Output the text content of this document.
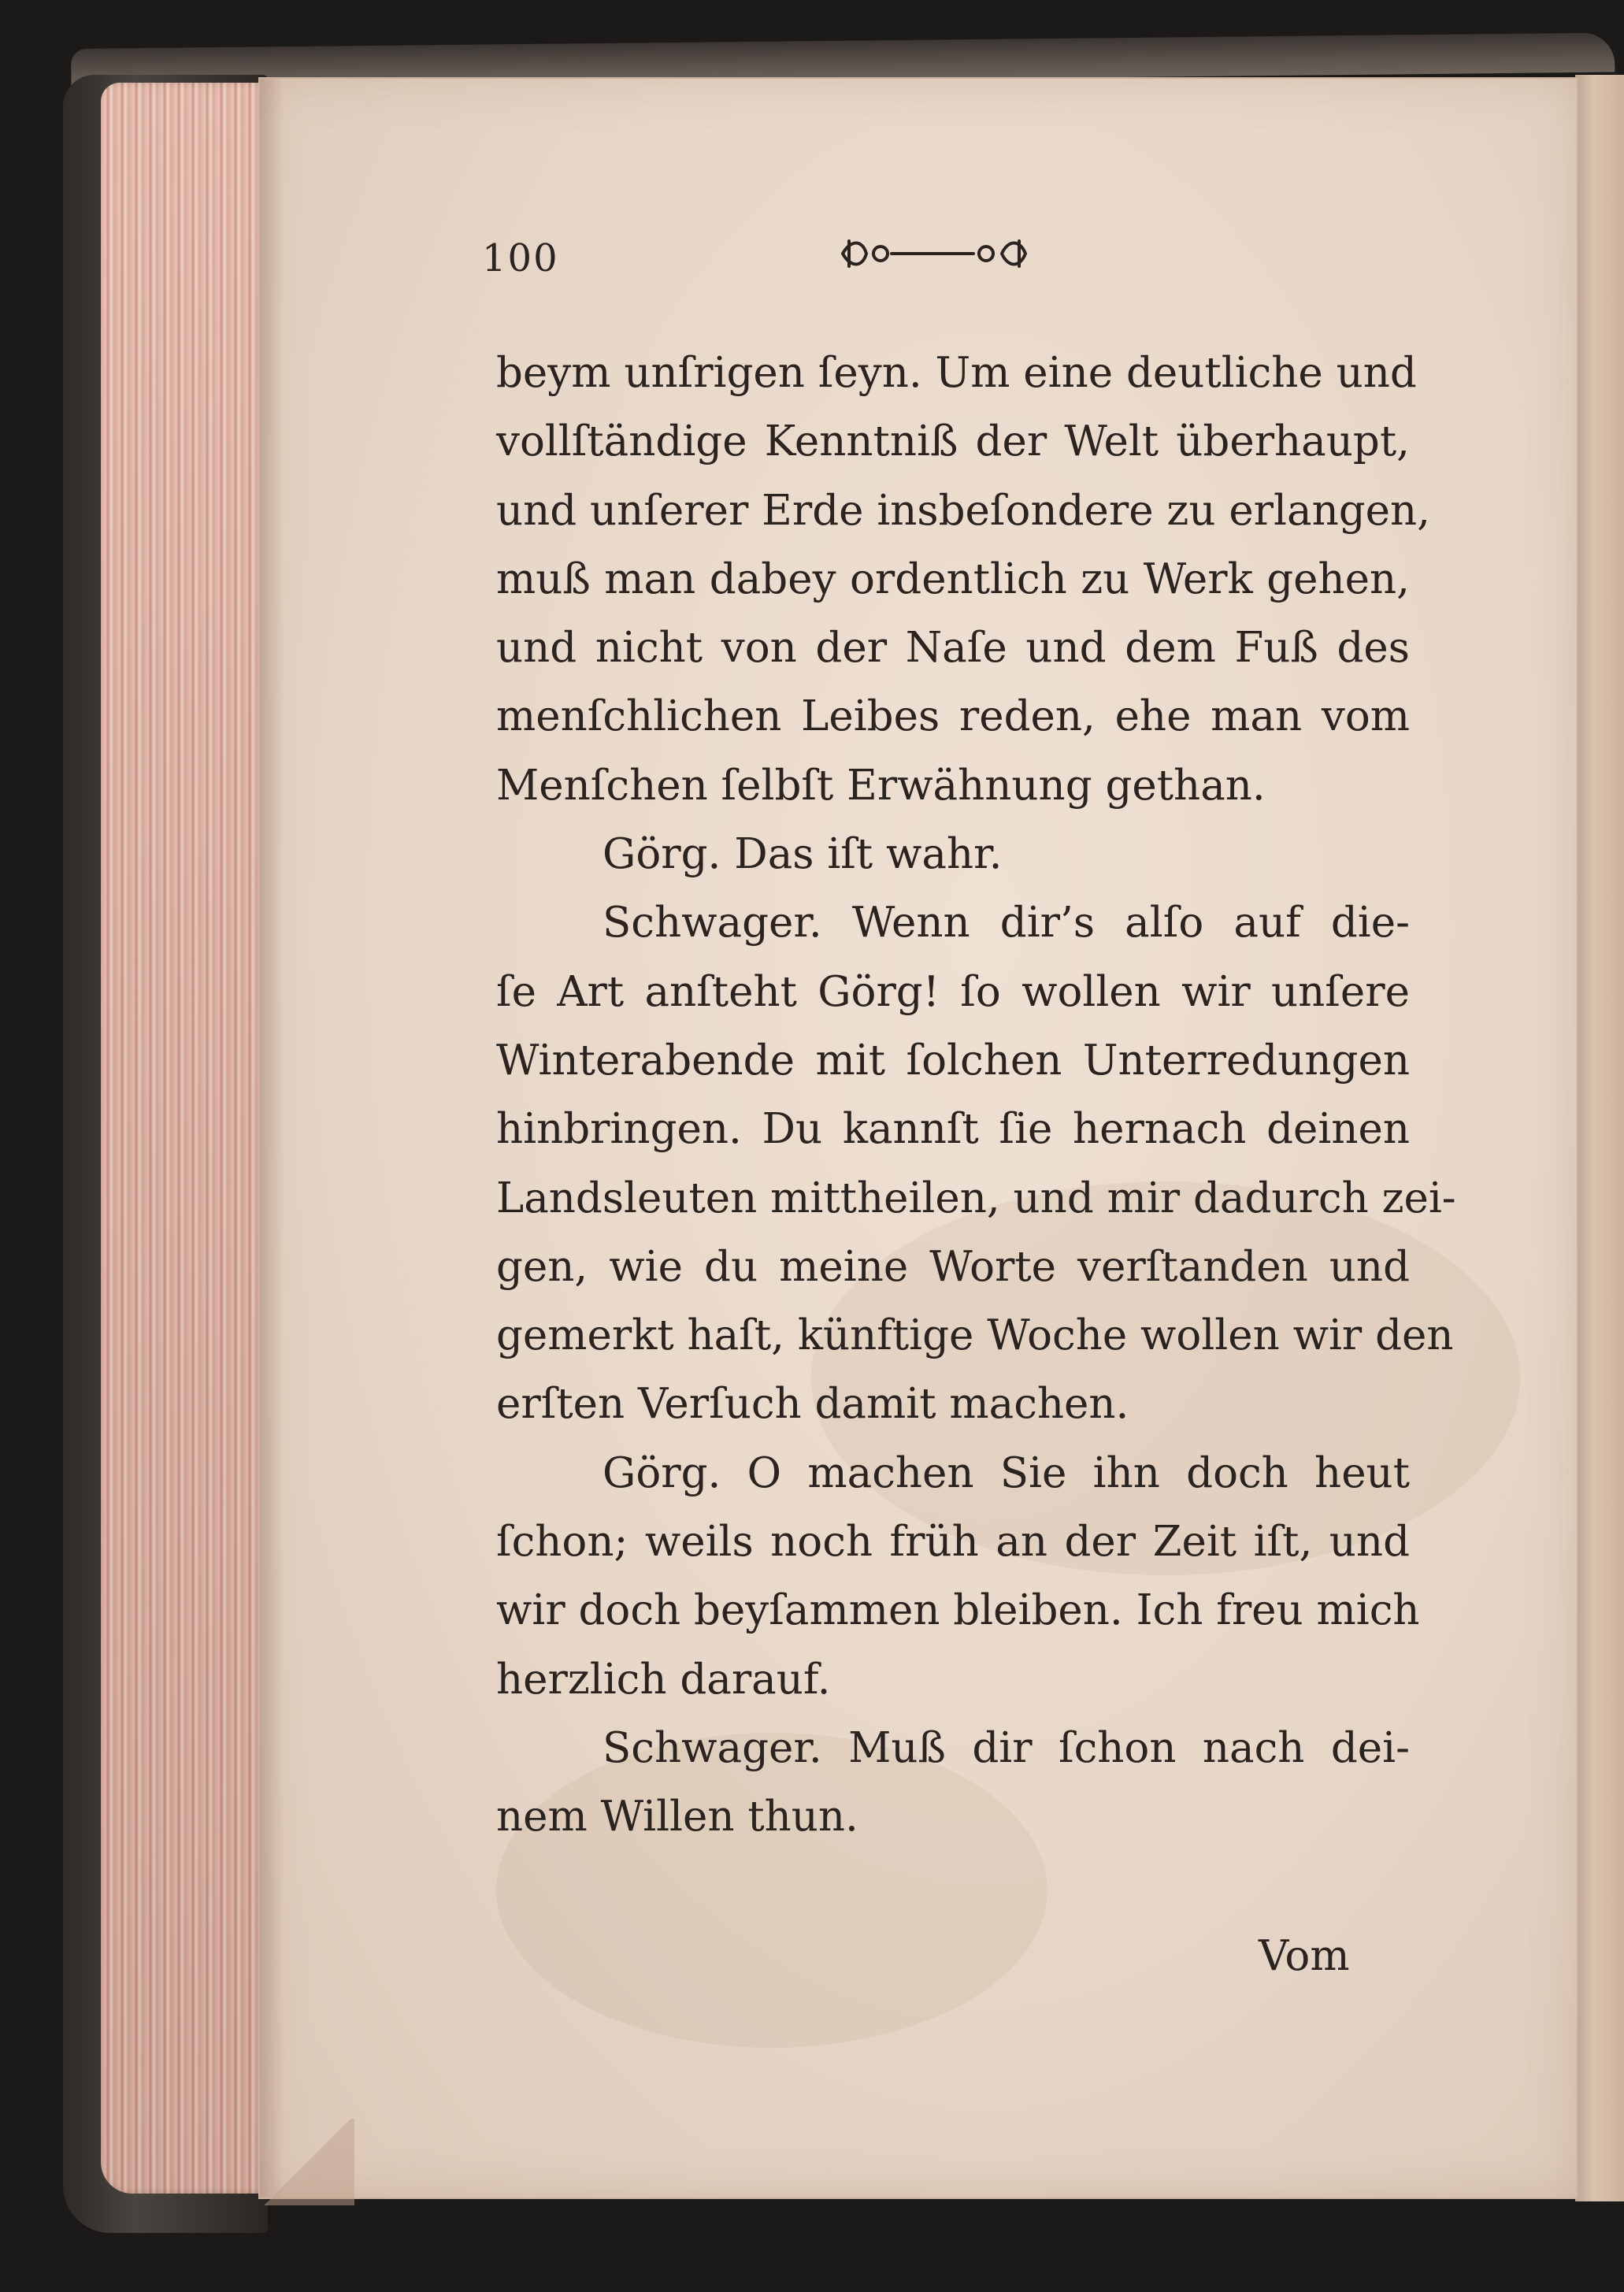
100
beym unſrigen ſeyn. Um eine deutliche und
vollſtändige Kenntniß der Welt überhaupt,
und unſerer Erde insbeſondere zu erlangen,
muß man dabey ordentlich zu Werk gehen,
und nicht von der Naſe und dem Fuß des
menſchlichen Leibes reden, ehe man vom
Menſchen ſelbſt Erwähnung gethan.
Görg. Das iſt wahr.
Schwager. Wenn dir’s alſo auf die-
ſe Art anſteht Görg! ſo wollen wir unſere
Winterabende mit ſolchen Unterredungen
hinbringen. Du kannſt ſie hernach deinen
Landsleuten mittheilen, und mir dadurch zei-
gen, wie du meine Worte verſtanden und
gemerkt haſt, künftige Woche wollen wir den
erſten Verſuch damit machen.
Görg. O machen Sie ihn doch heut
ſchon; weils noch früh an der Zeit iſt, und
wir doch beyſammen bleiben. Ich freu mich
herzlich darauf.
Schwager. Muß dir ſchon nach dei-
nem Willen thun.
Vom
